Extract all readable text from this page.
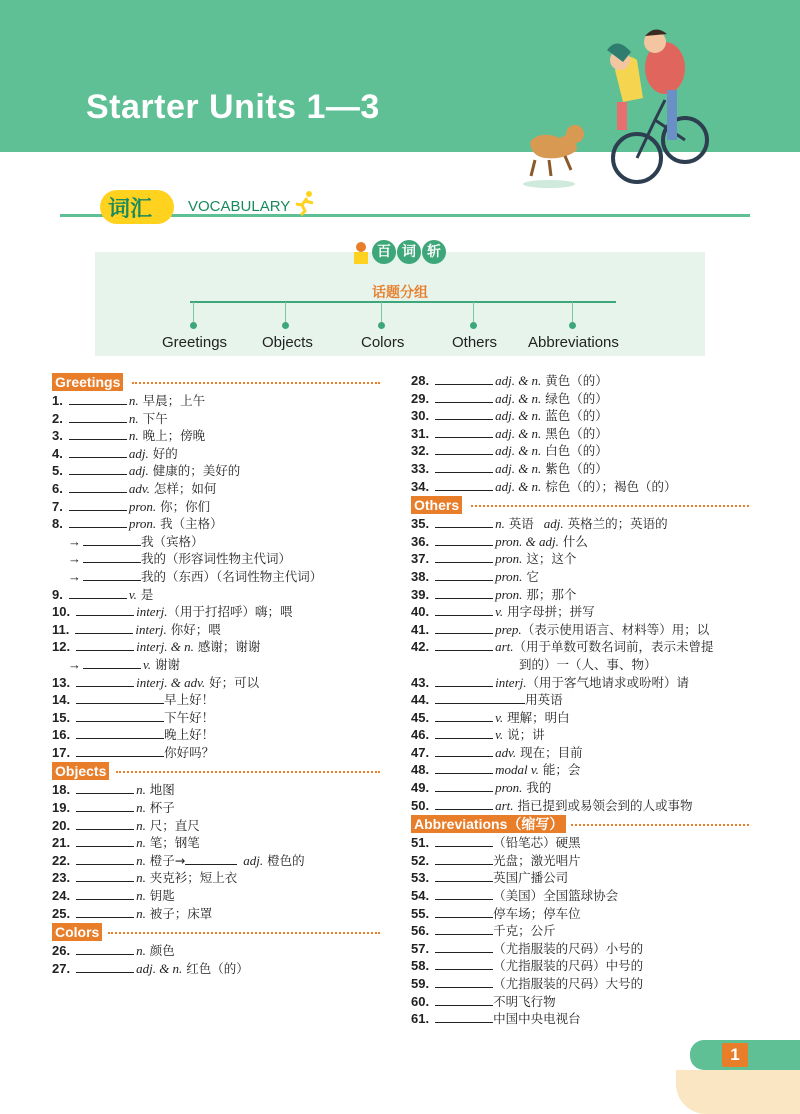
Starter Units 1—3
词汇 VOCABULARY
百 词 斩
话题分组
Greetings Objects	Colors	Others Abbreviations
Greetings
1.	n. 早晨；上午
2.	n. 下午
3.	n. 晚上；傍晚
4.	adj. 好的
5.	adj. 健康的；美好的
6.	adv. 怎样；如何
7.	pron. 你；你们
8.	pron. 我（主格）
→	我（宾格）
→	我的（形容词性物主代词）
→	我的（东西）（名词性物主代词）
9.	v. 是
10.	interj.（用于打招呼）嗨；喂
11.	interj. 你好；喂
12.	interj. & n. 感谢；谢谢
→	v. 谢谢
13.	interj. & adv. 好；可以
14.	早上好！
15.	下午好！
16.	晚上好！
17.	你好吗？
Objects
18.	n. 地图
19.	n. 杯子
20.	n. 尺；直尺
21.	n. 笔；钢笔
22.	n. 橙子→	adj. 橙色的
23.	n. 夹克衫；短上衣
24.	n. 钥匙
25.	n. 被子；床罩
Colors
26.	n. 颜色
27.	adj. & n. 红色（的）
28.	adj. & n. 黄色（的）
29.	adj. & n. 绿色（的）
30.	adj. & n. 蓝色（的）
31.	adj. & n. 黑色（的）
32.	adj. & n. 白色（的）
33.	adj. & n. 紫色（的）
34.	adj. & n. 棕色（的）；褐色（的）
Others
35.	n. 英语 adj. 英格兰的；英语的
36.	pron. & adj. 什么
37.	pron. 这；这个
38.	pron. 它
39.	pron. 那；那个
40.	v. 用字母拼；拼写
41.	prep.（表示使用语言、材料等）用；以
42.	art.（用于单数可数名词前，表示未曾提
到的）一（人、事、物）
43.	interj.（用于客气地请求或吩咐）请
44.	用英语
45.	v. 理解；明白
46.	v. 说；讲
47.	adv. 现在；目前
48.	modal v. 能；会
49.	pron. 我的
50.	art. 指已提到或易领会到的人或事物
Abbreviations（缩写）
51.	（铅笔芯）硬黑
52.	光盘；激光唱片
53.	英国广播公司
54.	（美国）全国篮球协会
55.	停车场；停车位
56.	千克；公斤
57.	（尤指服装的尺码）小号的
58.	（尤指服装的尺码）中号的
59.	（尤指服装的尺码）大号的
60.	不明飞行物
61.	中国中央电视台
1
